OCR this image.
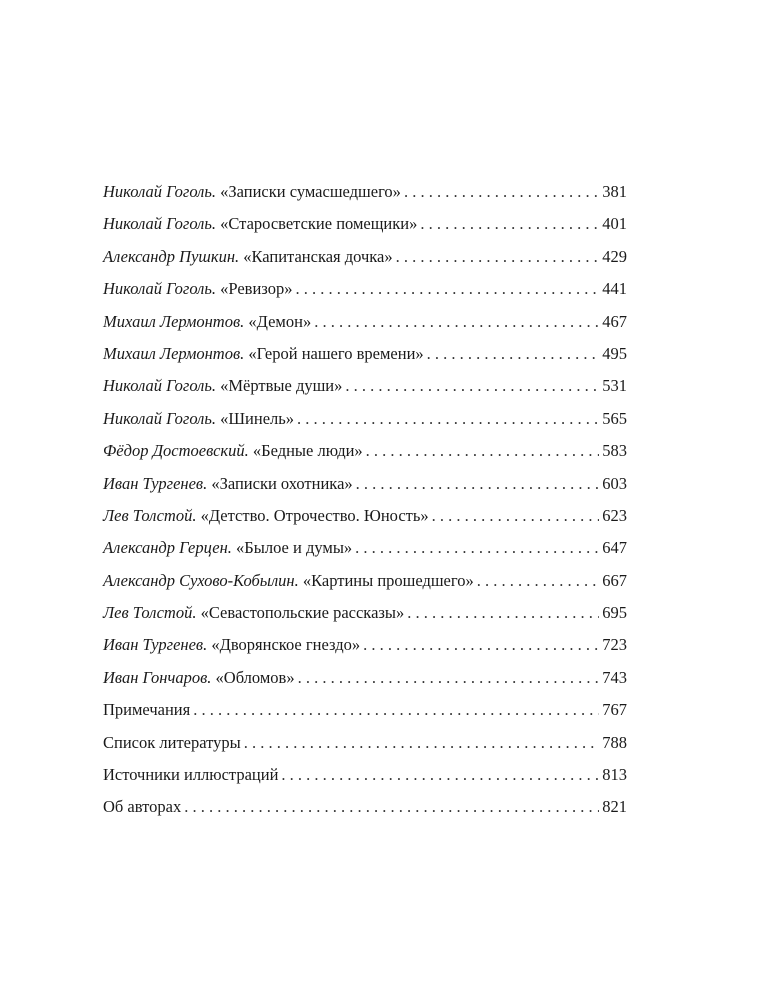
Николай Гоголь. «Записки сумасшедшего» . . .	381
Николай Гоголь. «Старосветские помещики» . . .	401
Александр Пушкин. «Капитанская дочка» . . .	429
Николай Гоголь. «Ревизор» . . .	441
Михаил Лермонтов. «Демон» . . .	467
Михаил Лермонтов. «Герой нашего времени» . . .	495
Николай Гоголь. «Мёртвые души» . . .	531
Николай Гоголь. «Шинель» . . .	565
Фёдор Достоевский. «Бедные люди» . . .	583
Иван Тургенев. «Записки охотника» . . .	603
Лев Толстой. «Детство. Отрочество. Юность» . . .	623
Александр Герцен. «Былое и думы» . . .	647
Александр Сухово-Кобылин. «Картины прошедшего» . . .	667
Лев Толстой. «Севастопольские рассказы» . . .	695
Иван Тургенев. «Дворянское гнездо» . . .	723
Иван Гончаров. «Обломов» . . .	743
Примечания . . .	767
Список литературы . . .	788
Источники иллюстраций . . .	813
Об авторах . . .	821
